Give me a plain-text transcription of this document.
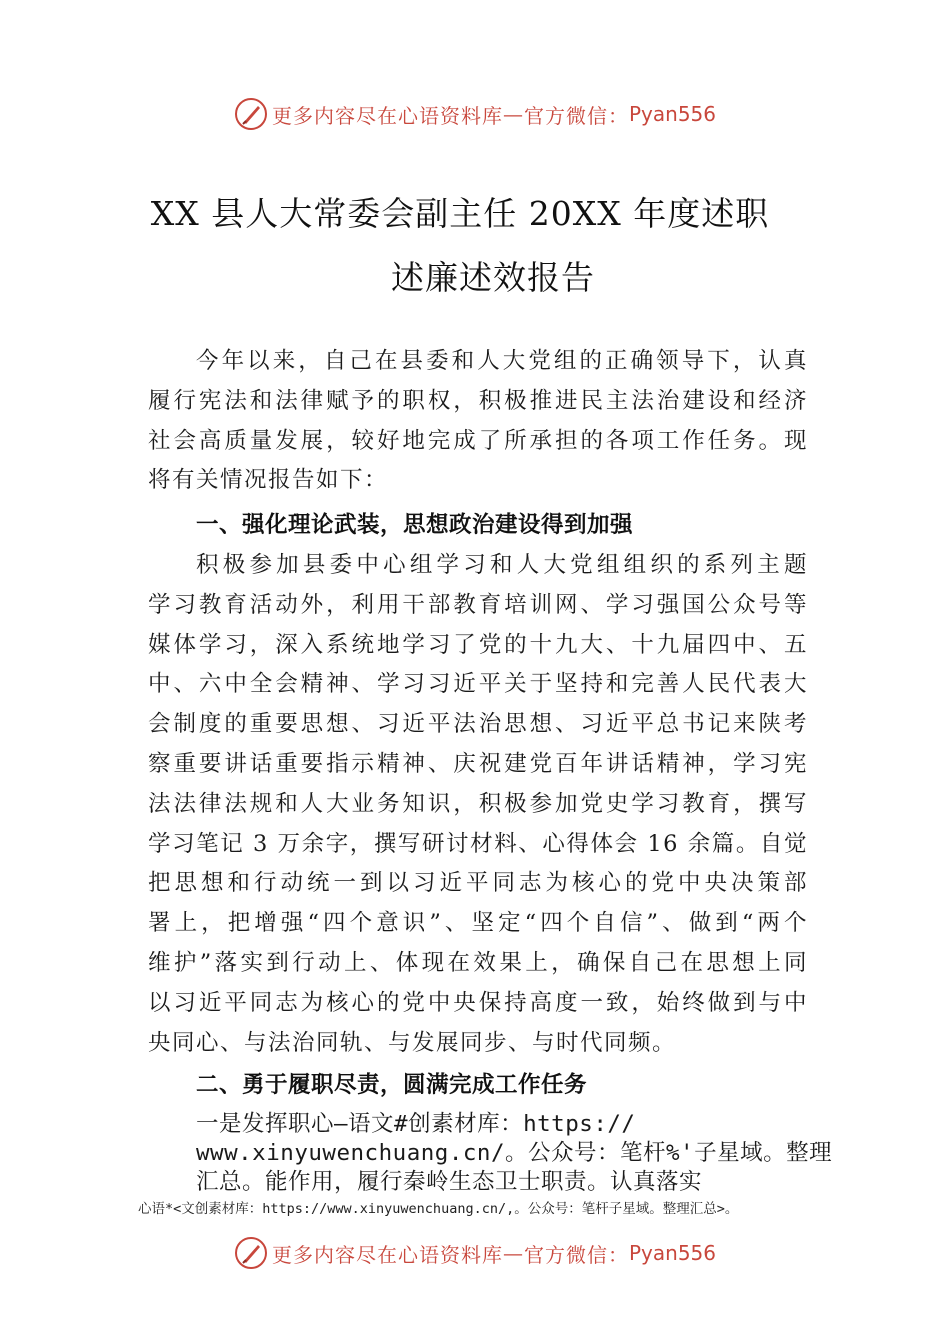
更多内容尽在心语资料库 — 官方微信： Pyan556
XX 县人大常委会副主任 20XX 年度述职
述廉述效报告
今年以来，自己在县委和人大党组的正确领导下，认真
履行宪法和法律赋予的职权，积极推进民主法治建设和经济
社会高质量发展，较好地完成了所承担的各项工作任务。现
将有关情况报告如下：
一、强化理论武装，思想政治建设得到加强
积极参加县委中心组学习和人大党组组织的系列主题
学习教育活动外，利用干部教育培训网、学习强国公众号等
媒体学习，深入系统地学习了党的十九大、十九届四中、五
中、六中全会精神、学习习近平关于坚持和完善人民代表大
会制度的重要思想、习近平法治思想、习近平总书记来陕考
察重要讲话重要指示精神、庆祝建党百年讲话精神，学习宪
法法律法规和人大业务知识，积极参加党史学习教育，撰写
学习笔记 3 万余字，撰写研讨材料、心得体会 16 余篇。自觉
把思想和行动统一到以习近平同志为核心的党中央决策部
署上，把增强“四个意识”、坚定“四个自信”、做到“两个
维护”落实到行动上、体现在效果上，确保自己在思想上同
以习近平同志为核心的党中央保持高度一致，始终做到与中
央同心、与法治同轨、与发展同步、与时代同频。
二、勇于履职尽责，圆满完成工作任务
一是发挥职心—语文#创素材库：https://
www.xinyuwenchuang.cn/。公众号：笔杆%'子星域。整理
汇总。能作用，履行秦岭生态卫士职责。认真落实
心语*<文创素材库：https://www.xinyuwenchuang.cn/,。公众号：笔杆子星域。整理汇总>。
更多内容尽在心语资料库 — 官方微信： Pyan556
